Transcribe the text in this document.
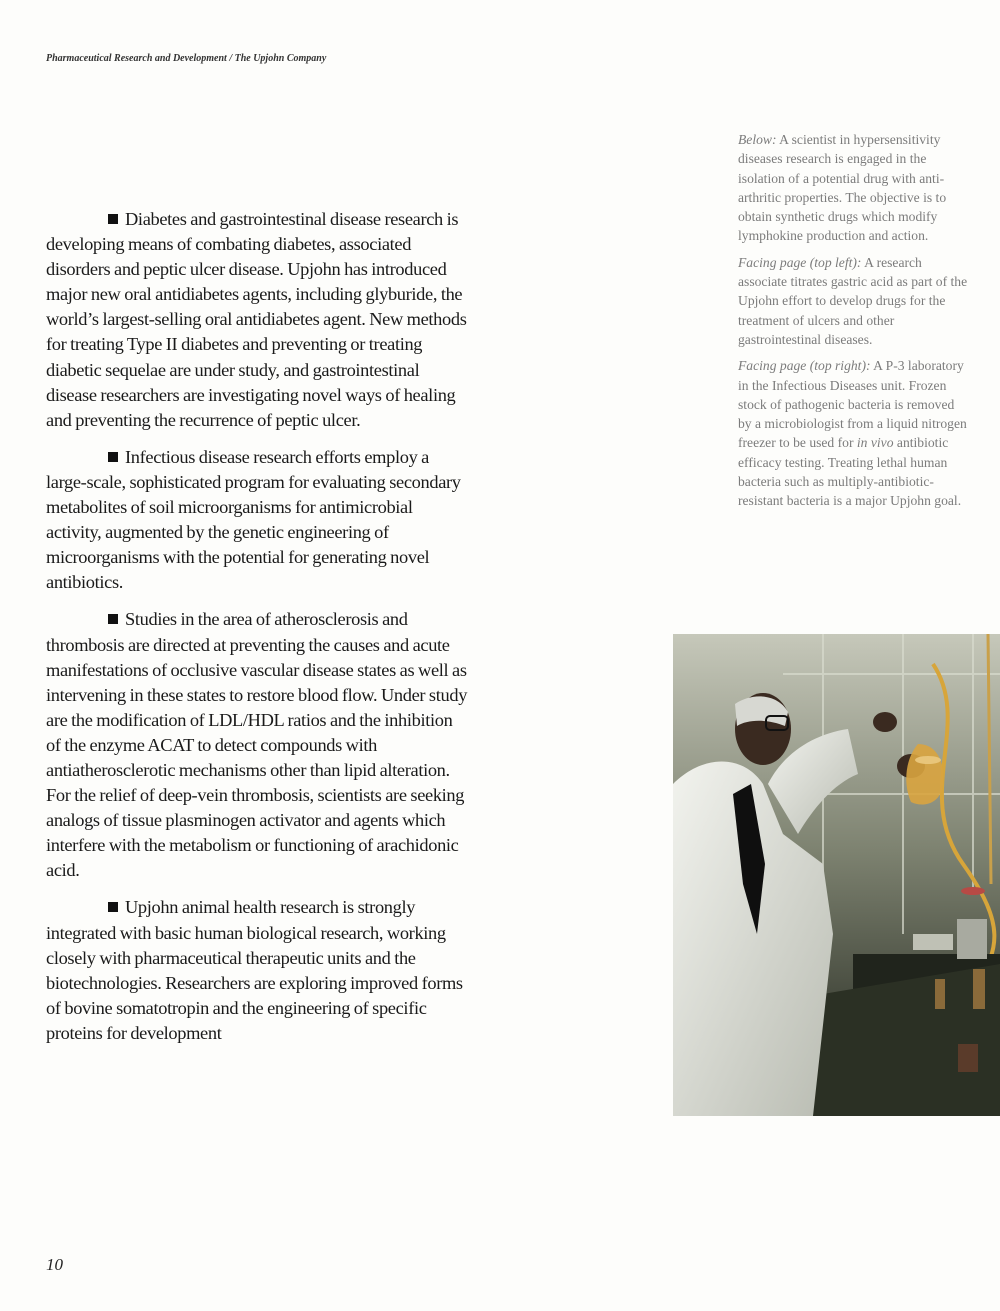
Pharmaceutical Research and Development / The Upjohn Company

Below: A scientist in hypersensitivity diseases research is engaged in the isolation of a potential drug with anti-arthritic properties. The objective is to obtain synthetic drugs which modify lymphokine production and action.

Facing page (top left): A research associate titrates gastric acid as part of the Upjohn effort to develop drugs for the treatment of ulcers and other gastrointestinal diseases.

Facing page (top right): A P-3 laboratory in the Infectious Diseases unit. Frozen stock of pathogenic bacteria is removed by a microbiologist from a liquid nitrogen freezer to be used for in vivo antibiotic efficacy testing. Treating lethal human bacteria such as multiply-antibiotic-resistant bacteria is a major Upjohn goal.

Diabetes and gastrointestinal disease research is developing means of combating diabetes, associated disorders and peptic ulcer disease. Upjohn has introduced major new oral antidiabetes agents, including glyburide, the world’s largest-selling oral antidiabetes agent. New methods for treating Type II diabetes and preventing or treating diabetic sequelae are under study, and gastrointestinal disease researchers are investigating novel ways of healing and preventing the recurrence of peptic ulcer.

Infectious disease research efforts employ a large-scale, sophisticated program for evaluating secondary metabolites of soil microorganisms for antimicrobial activity, augmented by the genetic engineering of microorganisms with the potential for generating novel antibiotics.

Studies in the area of atherosclerosis and thrombosis are directed at preventing the causes and acute manifestations of occlusive vascular disease states as well as intervening in these states to restore blood flow. Under study are the modification of LDL/HDL ratios and the inhibition of the enzyme ACAT to detect compounds with antiatherosclerotic mechanisms other than lipid alteration. For the relief of deep-vein thrombosis, scientists are seeking analogs of tissue plasminogen activator and agents which interfere with the metabolism or functioning of arachidonic acid.

Upjohn animal health research is strongly integrated with basic human biological research, working closely with pharmaceutical therapeutic units and the biotechnologies. Researchers are exploring improved forms of bovine somatotropin and the engineering of specific proteins for development

10
